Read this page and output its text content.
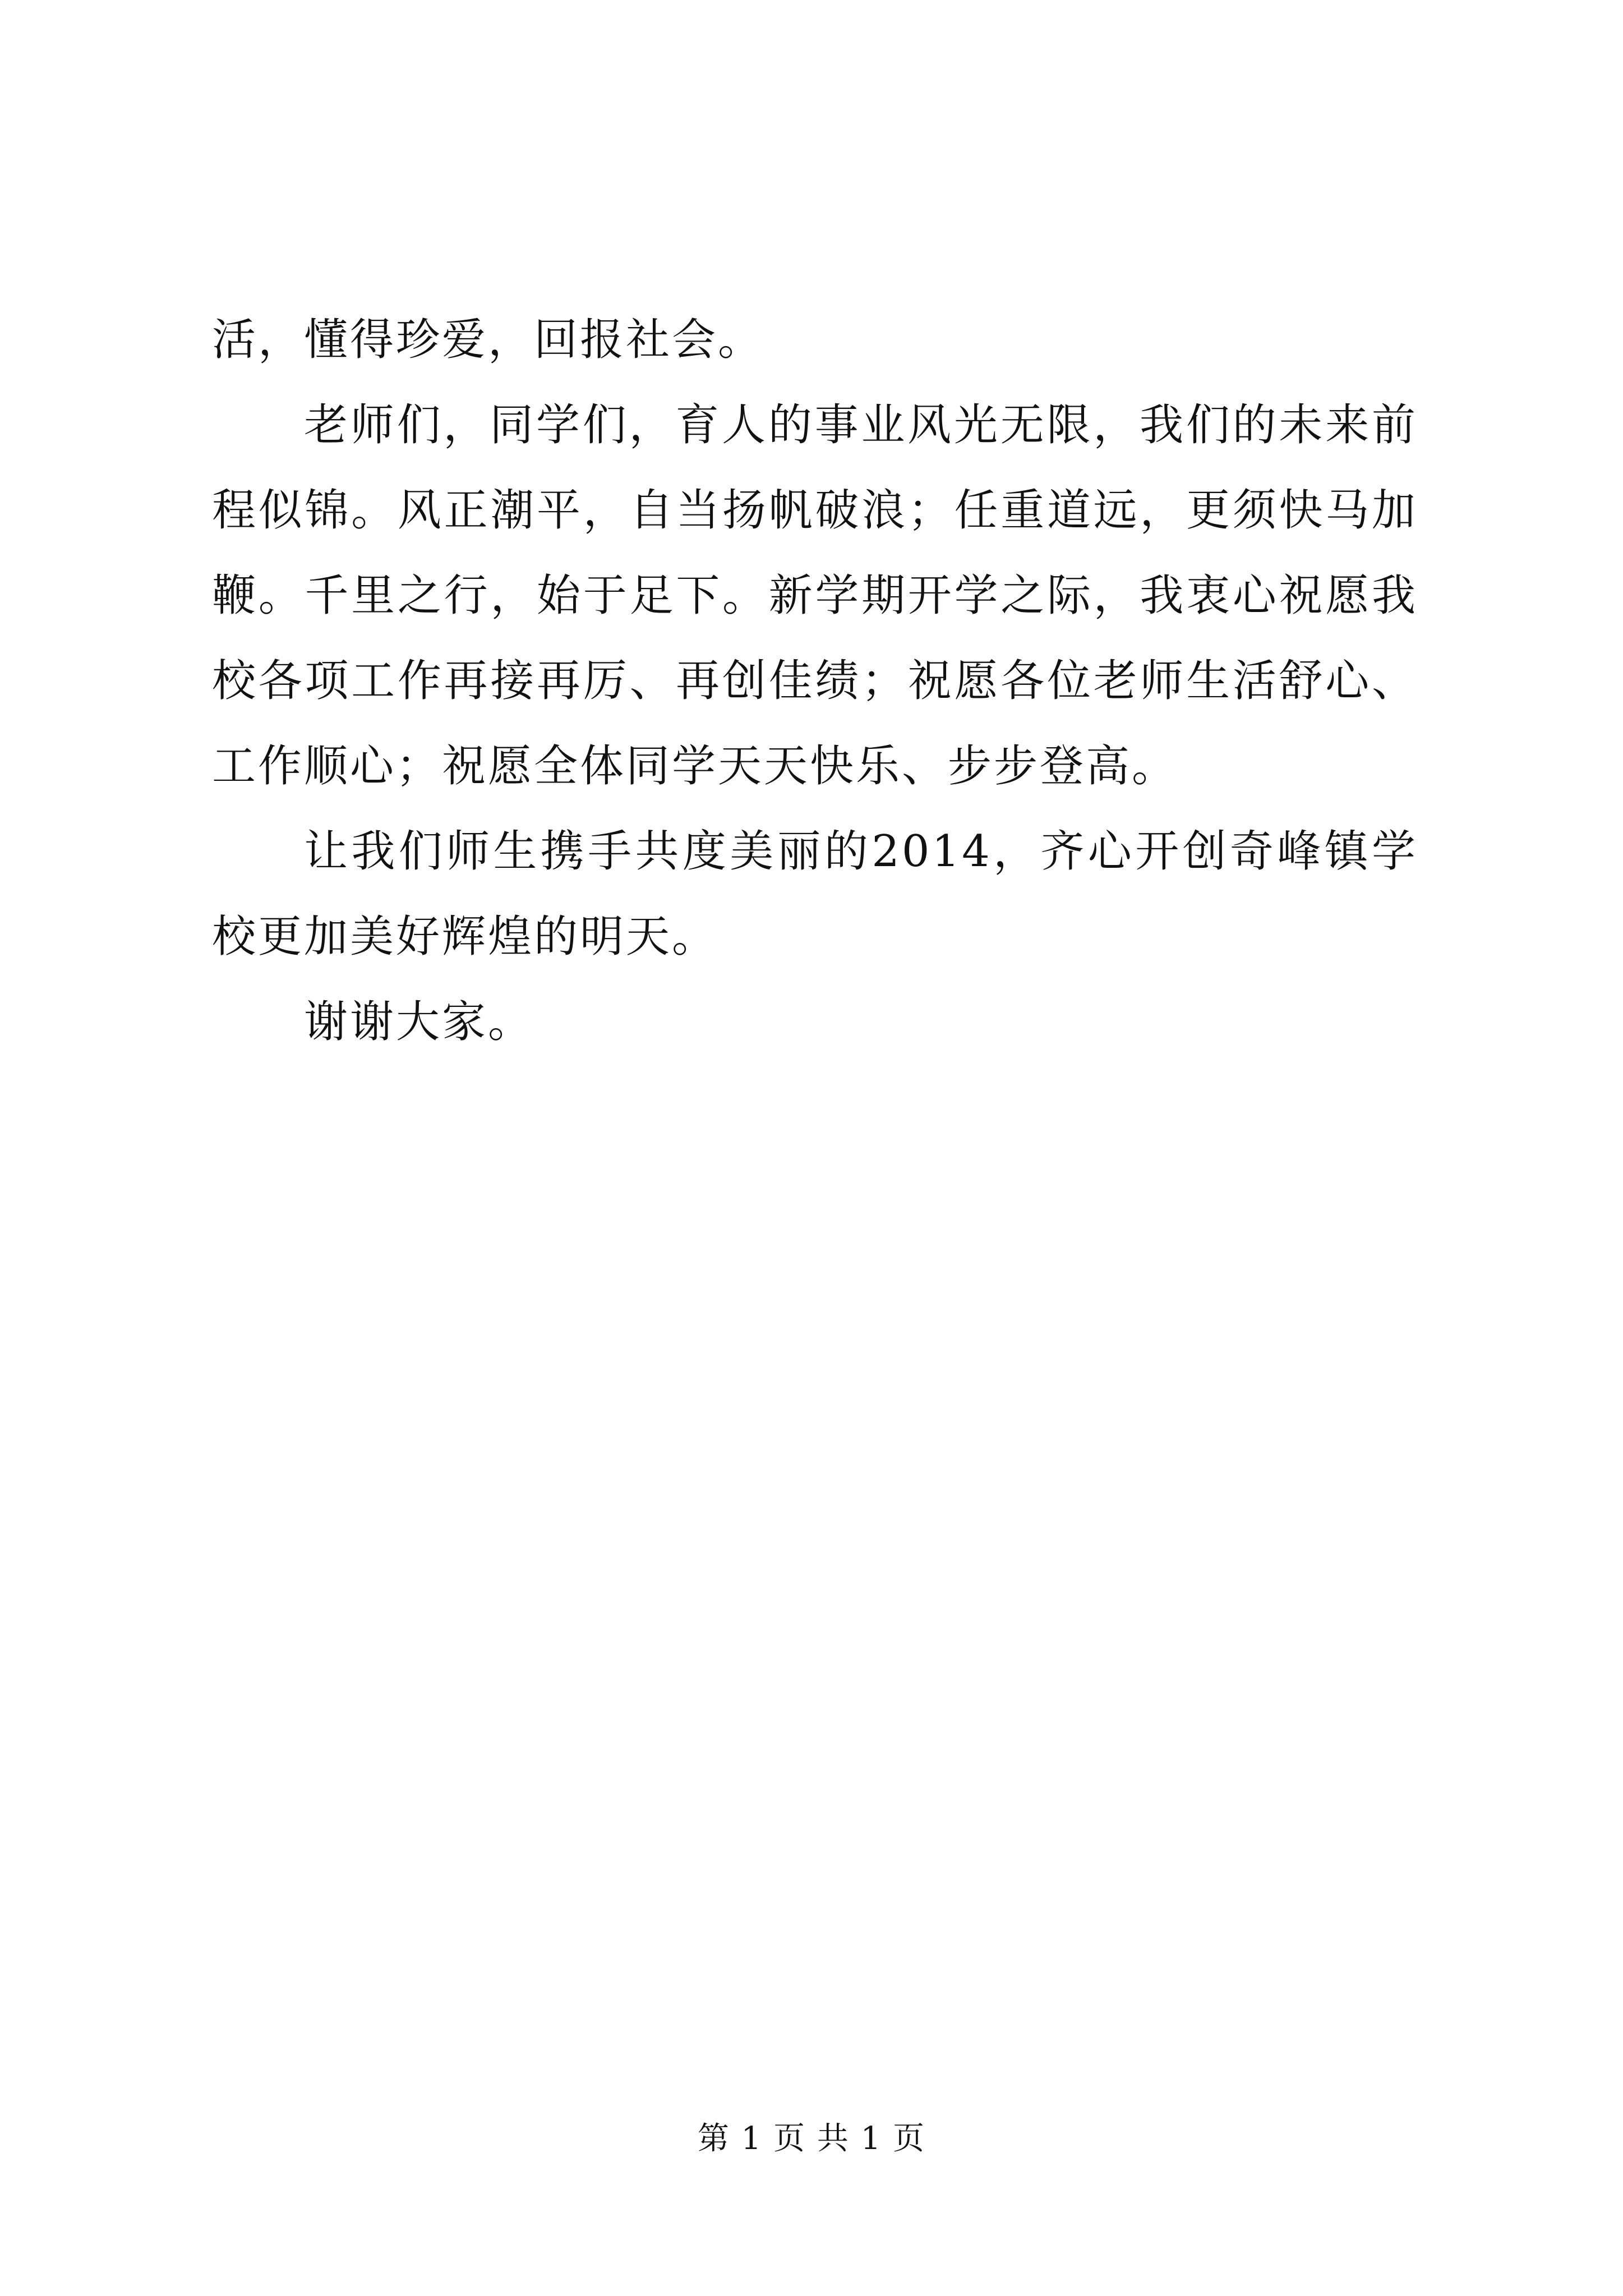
活，懂得珍爱，回报社会。

老师们，同学们，育人的事业风光无限，我们的未来前程似锦。风正潮平，自当扬帆破浪；任重道远，更须快马加鞭。千里之行，始于足下。新学期开学之际，我衷心祝愿我校各项工作再接再厉、再创佳绩；祝愿各位老师生活舒心、工作顺心；祝愿全体同学天天快乐、步步登高。

让我们师生携手共度美丽的2014，齐心开创奇峰镇学校更加美好辉煌的明天。

谢谢大家。

第 1 页 共 1 页
